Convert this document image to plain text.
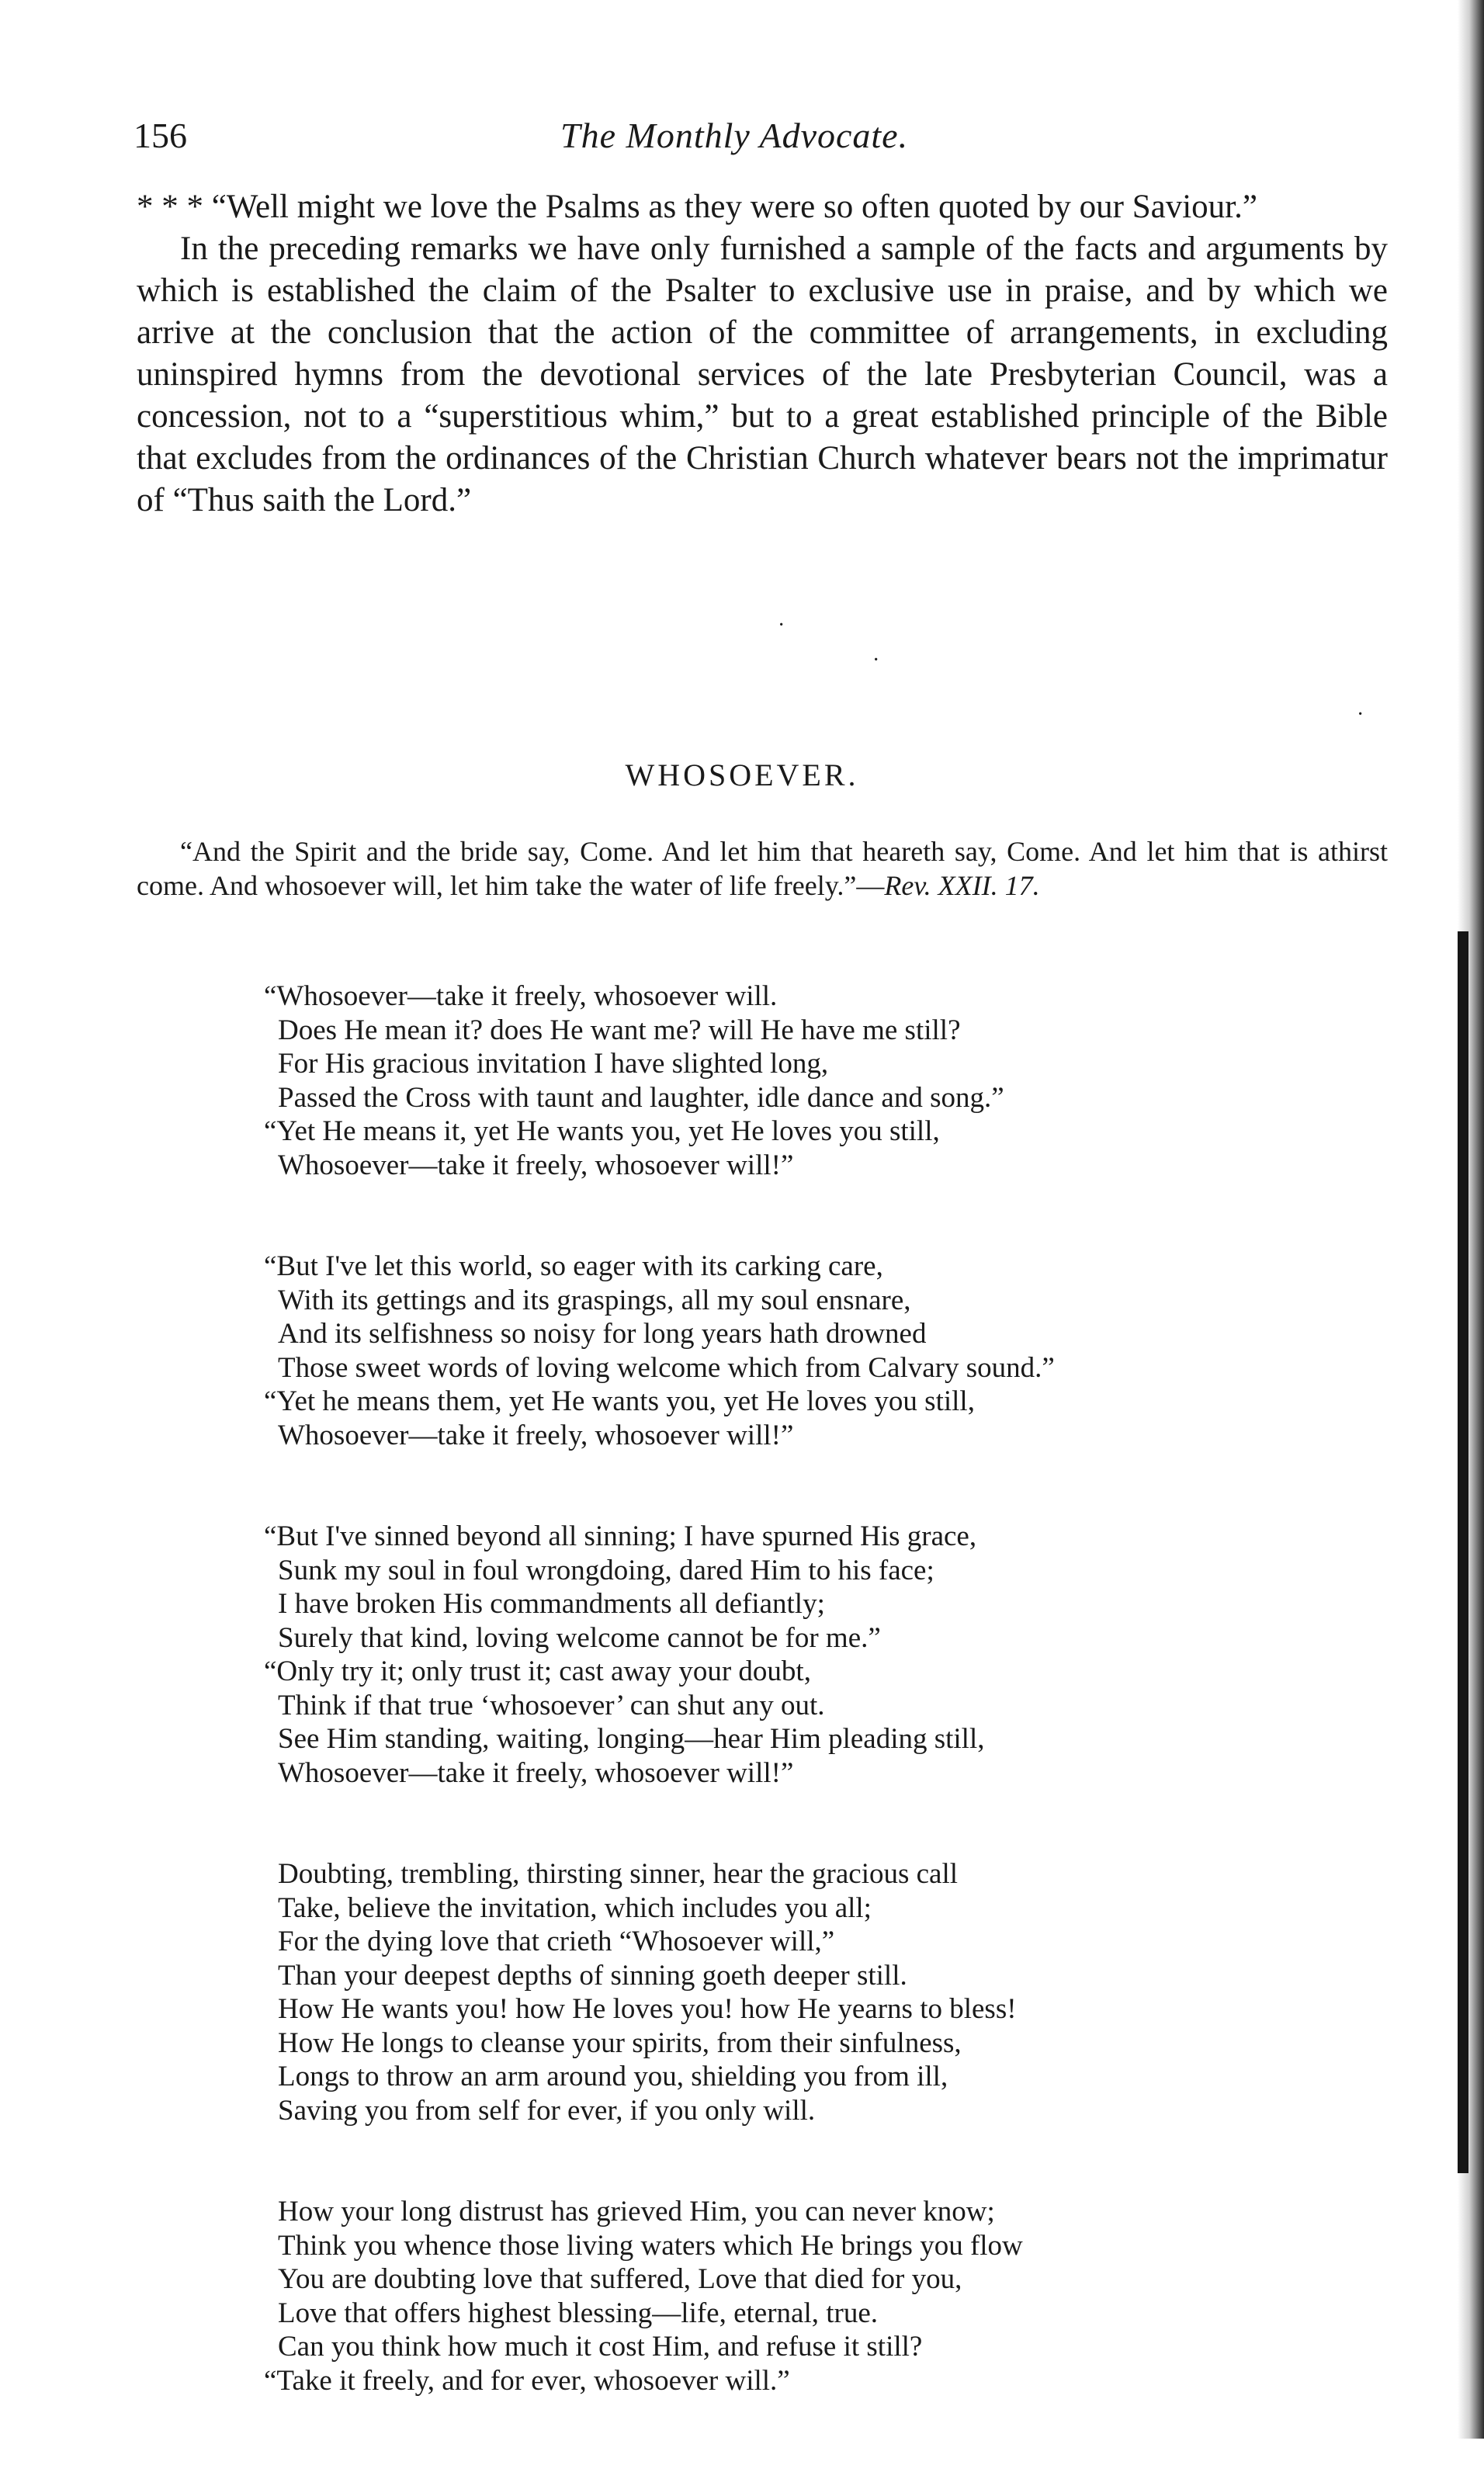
156	The Monthly Advocate.

* * * “Well might we love the Psalms as they were so often quoted by our Saviour.”

In the preceding remarks we have only furnished a sample of the facts and arguments by which is established the claim of the Psalter to exclusive use in praise, and by which we arrive at the conclusion that the action of the committee of arrangements, in excluding uninspired hymns from the devotional services of the late Presbyterian Council, was a concession, not to a “superstitious whim,” but to a great established principle of the Bible that excludes from the ordinances of the Christian Church whatever bears not the imprimatur of “Thus saith the Lord.”

·
·
·
WHOSOEVER.

“And the Spirit and the bride say, Come. And let him that heareth say, Come. And let him that is athirst come. And whosoever will, let him take the water of life freely.”—Rev. XXII. 17.

“Whosoever—take it freely, whosoever will.
Does He mean it? does He want me? will He have me still?
For His gracious invitation I have slighted long,
Passed the Cross with taunt and laughter, idle dance and song.”
“Yet He means it, yet He wants you, yet He loves you still,
Whosoever—take it freely, whosoever will!”
“But I've let this world, so eager with its carking care,
With its gettings and its graspings, all my soul ensnare,
And its selfishness so noisy for long years hath drowned
Those sweet words of loving welcome which from Calvary sound.”
“Yet he means them, yet He wants you, yet He loves you still,
Whosoever—take it freely, whosoever will!”
“But I've sinned beyond all sinning; I have spurned His grace,
Sunk my soul in foul wrongdoing, dared Him to his face;
I have broken His commandments all defiantly;
Surely that kind, loving welcome cannot be for me.”
“Only try it; only trust it; cast away your doubt,
Think if that true ‘whosoever’ can shut any out.
See Him standing, waiting, longing—hear Him pleading still,
Whosoever—take it freely, whosoever will!”
Doubting, trembling, thirsting sinner, hear the gracious call
Take, believe the invitation, which includes you all;
For the dying love that crieth “Whosoever will,”
Than your deepest depths of sinning goeth deeper still.
How He wants you! how He loves you! how He yearns to bless!
How He longs to cleanse your spirits, from their sinfulness,
Longs to throw an arm around you, shielding you from ill,
Saving you from self for ever, if you only will.
How your long distrust has grieved Him, you can never know;
Think you whence those living waters which He brings you flow
You are doubting love that suffered, Love that died for you,
Love that offers highest blessing—life, eternal, true.
Can you think how much it cost Him, and refuse it still?
“Take it freely, and for ever, whosoever will.”
